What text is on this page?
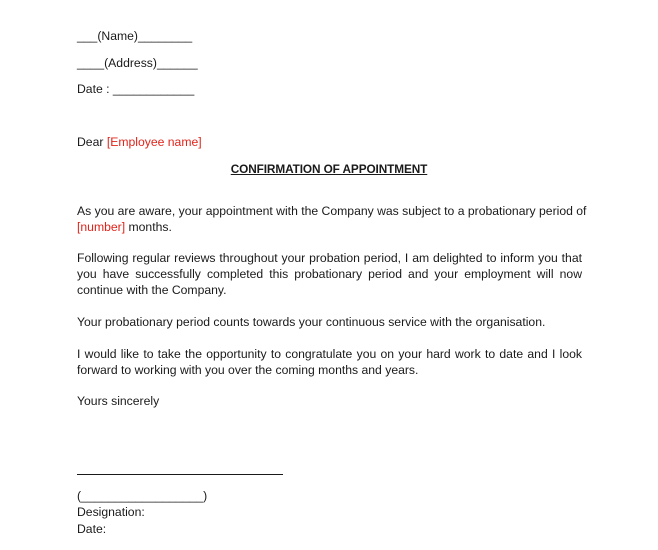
___(Name)________
____(Address)______
Date : ____________
Dear [Employee name]
CONFIRMATION OF APPOINTMENT
As you are aware, your appointment with the Company was subject to a probationary period of
[number] months.
Following regular reviews throughout your probation period, I am delighted to inform you that
you have successfully completed this probationary period and your employment will now
continue with the Company.
Your probationary period counts towards your continuous service with the organisation.
I would like to take the opportunity to congratulate you on your hard work to date and I look
forward to working with you over the coming months and years.
Yours sincerely
(__________________)
Designation:
Date:
